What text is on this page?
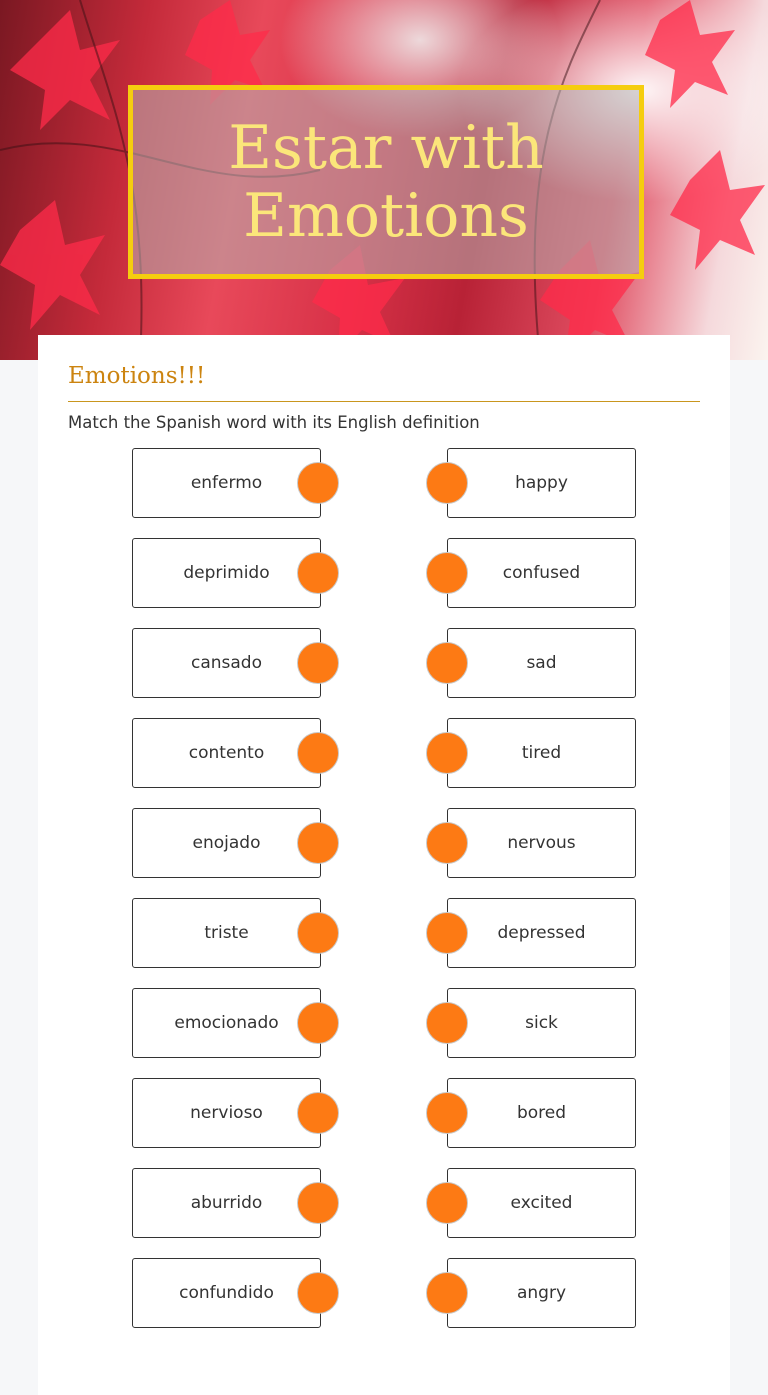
Estar with Emotions
Emotions!!!
Match the Spanish word with its English definition
enfermo
deprimido
cansado
contento
enojado
triste
emocionado
nervioso
aburrido
confundido
happy
confused
sad
tired
nervous
depressed
sick
bored
excited
angry
